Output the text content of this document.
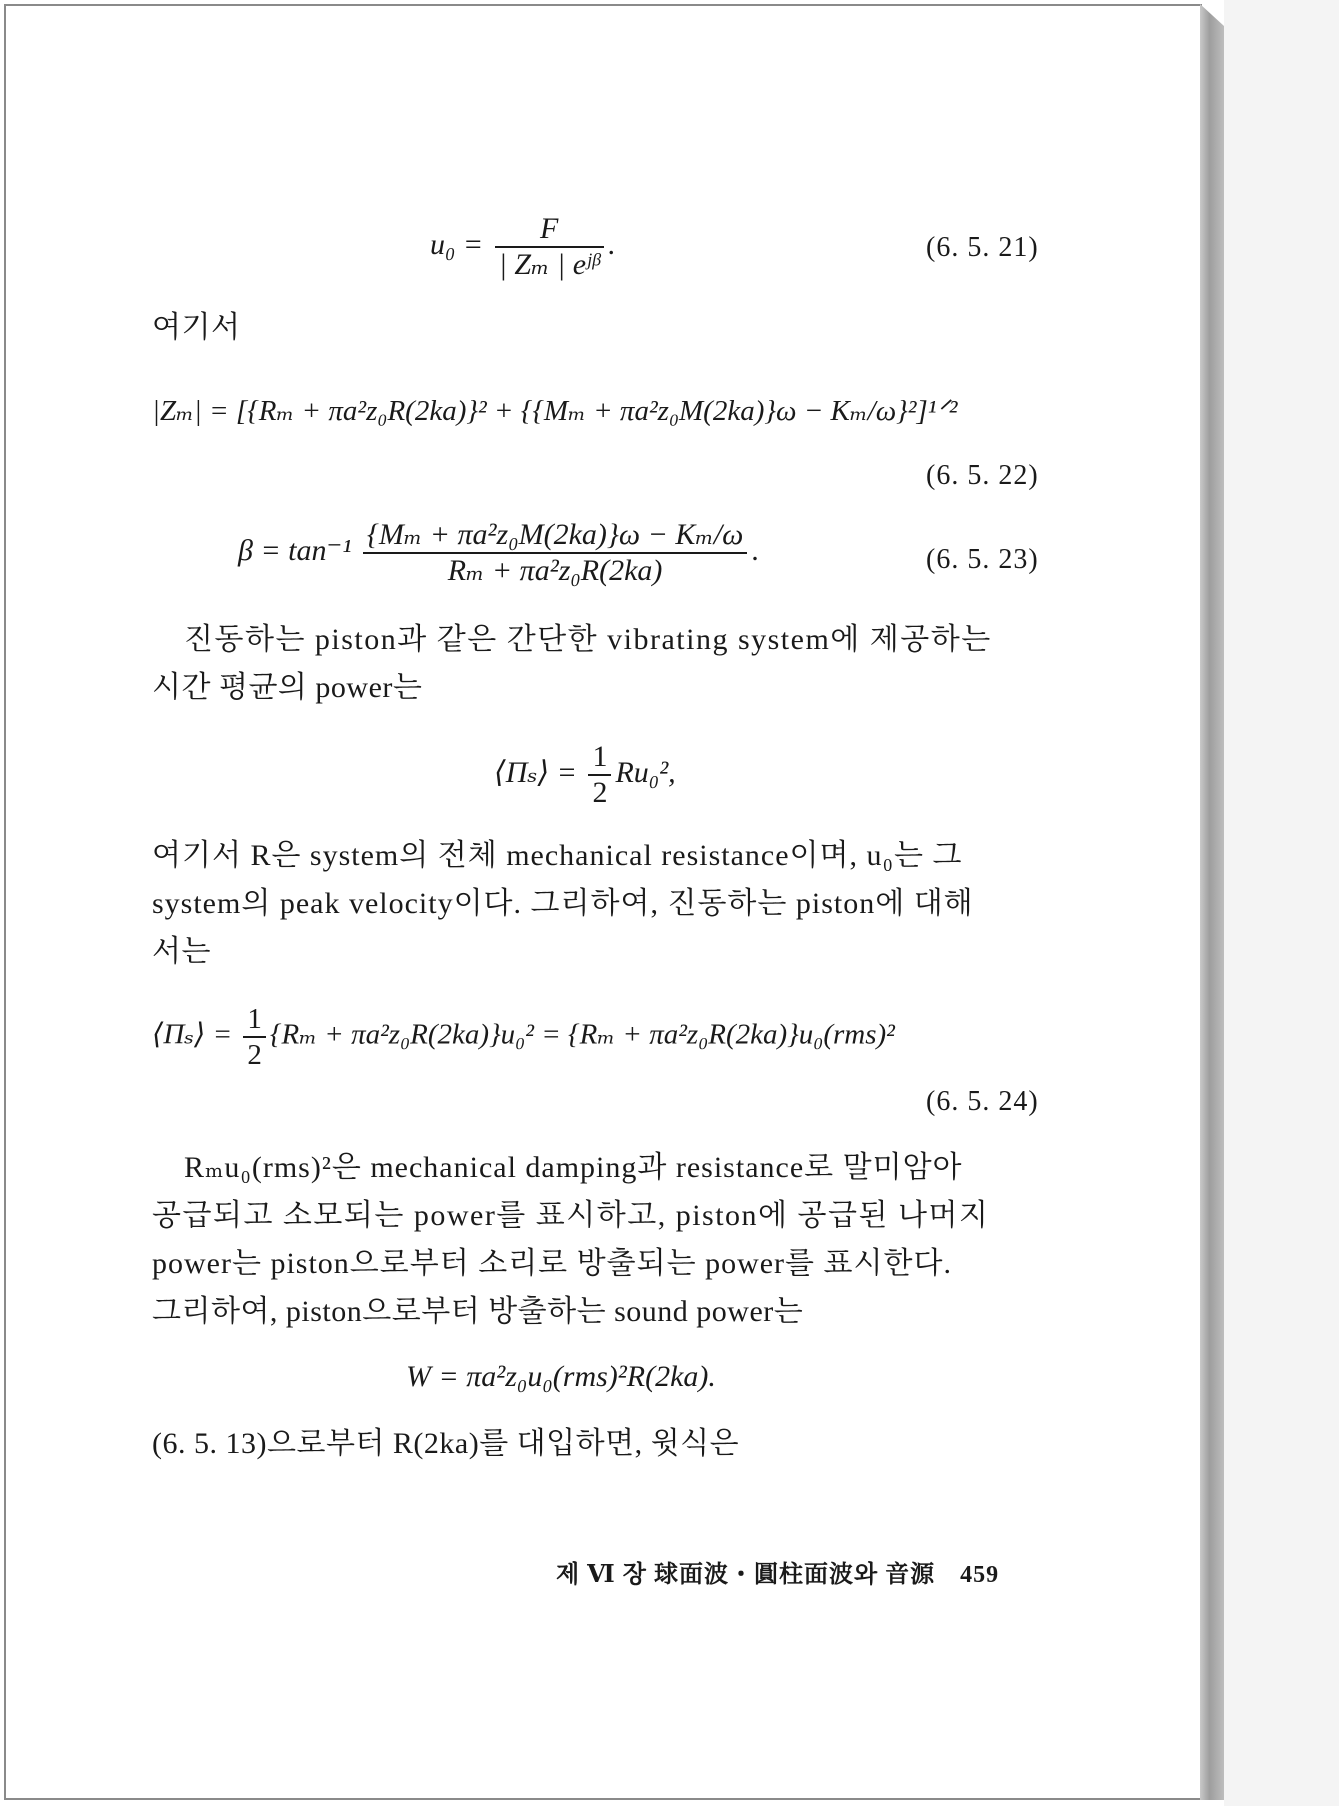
$u_0 = \frac{F}{\text{| Zₘ | eʲᵝ}}$ .	(6. 5. 21)
여기서
|Zₘ| = [{Rₘ + πa²z₀R(2ka)}² + {{Mₘ + πa²z₀M(2ka)}ω − Kₘ/ω}²]¹ᐟ²
(6. 5. 22)
$\beta = \tan^{-1} \frac{\text{\{Mₘ + πa²z₀M(2ka)\}ω − Kₘ/ω}}{\text{Rₘ + πa²z₀R(2ka)}}$ .	(6. 5. 23)
진동하는 piston과 같은 간단한 vibrating system에 제공하는
시간 평균의 power는
⟨Πₛ⟩ = $\frac{1}{2} Ru_0^2$,
여기서 R은 system의 전체 mechanical resistance이며, u₀는 그
system의 peak velocity이다. 그리하여, 진동하는 piston에 대해
서는
⟨Πₛ⟩ = $\frac{1}{2} \{R_m + \pi a^2z_0R(2ka)\}u_0^2 = \{R_m + \pi a^2z_0R(2ka)\}u_0(rms)^2$
(6. 5. 24)
Rₘu₀(rms)²은 mechanical damping과 resistance로 말미암아
공급되고 소모되는 power를 표시하고, piston에 공급된 나머지
power는 piston으로부터 소리로 방출되는 power를 표시한다.
그리하여, piston으로부터 방출하는 sound power는
W = πa²z₀u₀(rms)²R(2ka).
(6. 5. 13)으로부터 R(2ka)를 대입하면, 윗식은
제 Ⅵ 장 球面波・圓柱面波와 音源 459
